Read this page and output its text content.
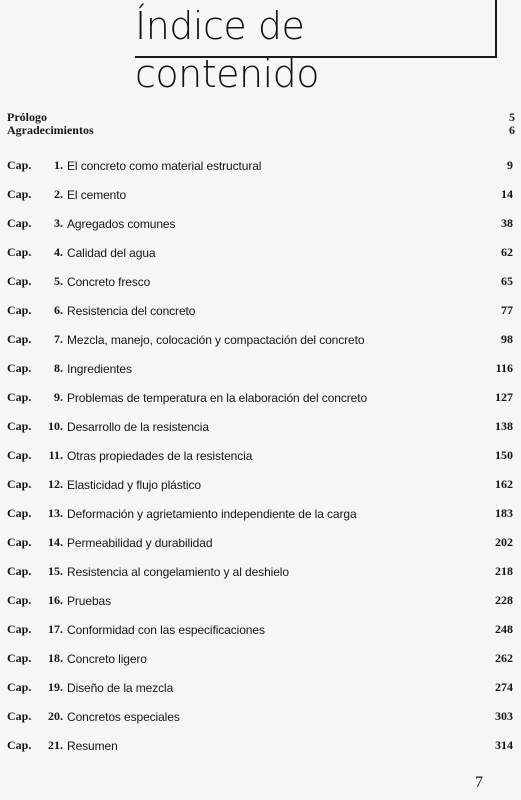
Índice de contenido
Prólogo	5
Agradecimientos	6
Cap. 1. El concreto como material estructural	9
Cap. 2. El cemento	14
Cap. 3. Agregados comunes	38
Cap. 4. Calidad del agua	62
Cap. 5. Concreto fresco	65
Cap. 6. Resistencia del concreto	77
Cap. 7. Mezcla, manejo, colocación y compactación del concreto	98
Cap. 8. Ingredientes	116
Cap. 9. Problemas de temperatura en la elaboración del concreto	127
Cap. 10. Desarrollo de la resistencia	138
Cap. 11. Otras propiedades de la resistencia	150
Cap. 12. Elasticidad y flujo plástico	162
Cap. 13. Deformación y agrietamiento independiente de la carga	183
Cap. 14. Permeabilidad y durabilidad	202
Cap. 15. Resistencia al congelamiento y al deshielo	218
Cap. 16. Pruebas	228
Cap. 17. Conformidad con las especificaciones	248
Cap. 18. Concreto ligero	262
Cap. 19. Diseño de la mezcla	274
Cap. 20. Concretos especiales	303
Cap. 21. Resumen	314
7
